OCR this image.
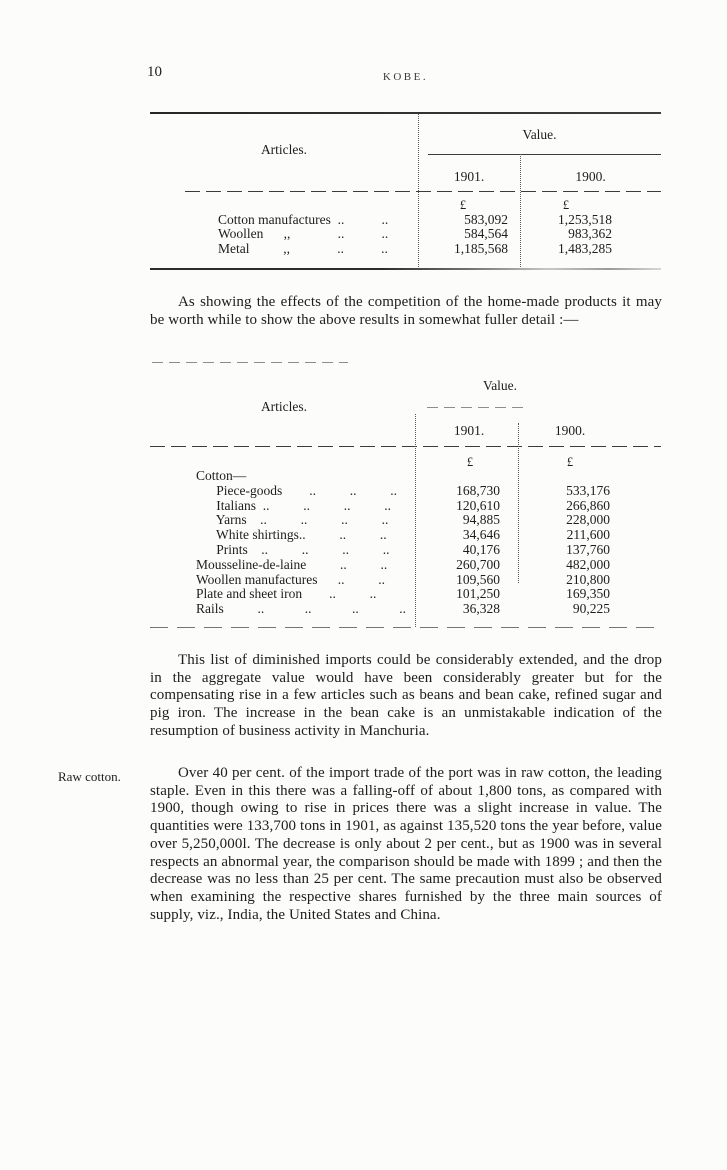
10	KOBE.
Articles.
Value.
1901.	1900.
£	£
Cotton manufactures  ..           ..	583,092	1,253,518
Woollen      ,,              ..           ..	584,564	983,362
Metal          ,,              ..           ..	1,185,568	1,483,285

As showing the effects of the competition of the home-made products it may be worth while to show the above results in somewhat fuller detail :—

Value.
Articles.
1901.	1900.
£	£
Cotton—
Piece-goods        ..          ..          ..	168,730	533,176
Italians  ..          ..          ..          ..	120,610	266,860
Yarns    ..          ..          ..          ..	94,885	228,000
White shirtings..          ..          ..	34,646	211,600
Prints    ..          ..          ..          ..	40,176	137,760
Mousseline-de-laine          ..          ..	260,700	482,000
Woollen manufactures      ..          ..	109,560	210,800
Plate and sheet iron        ..          ..	101,250	169,350
Rails          ..            ..            ..            ..	36,328	90,225

This list of diminished imports could be considerably extended, and the drop in the aggregate value would have been considerably greater but for the compensating rise in a few articles such as beans and bean cake, refined sugar and pig iron. The increase in the bean cake is an unmistakable indication of the resumption of business activity in Manchuria.

Raw cotton.	Over 40 per cent. of the import trade of the port was in raw cotton, the leading staple. Even in this there was a falling-off of about 1,800 tons, as compared with 1900, though owing to rise in prices there was a slight increase in value. The quantities were 133,700 tons in 1901, as against 135,520 tons the year before, value over 5,250,000l. The decrease is only about 2 per cent., but as 1900 was in several respects an abnormal year, the comparison should be made with 1899 ; and then the decrease was no less than 25 per cent. The same precaution must also be observed when examining the respective shares furnished by the three main sources of supply, viz., India, the United States and China.
